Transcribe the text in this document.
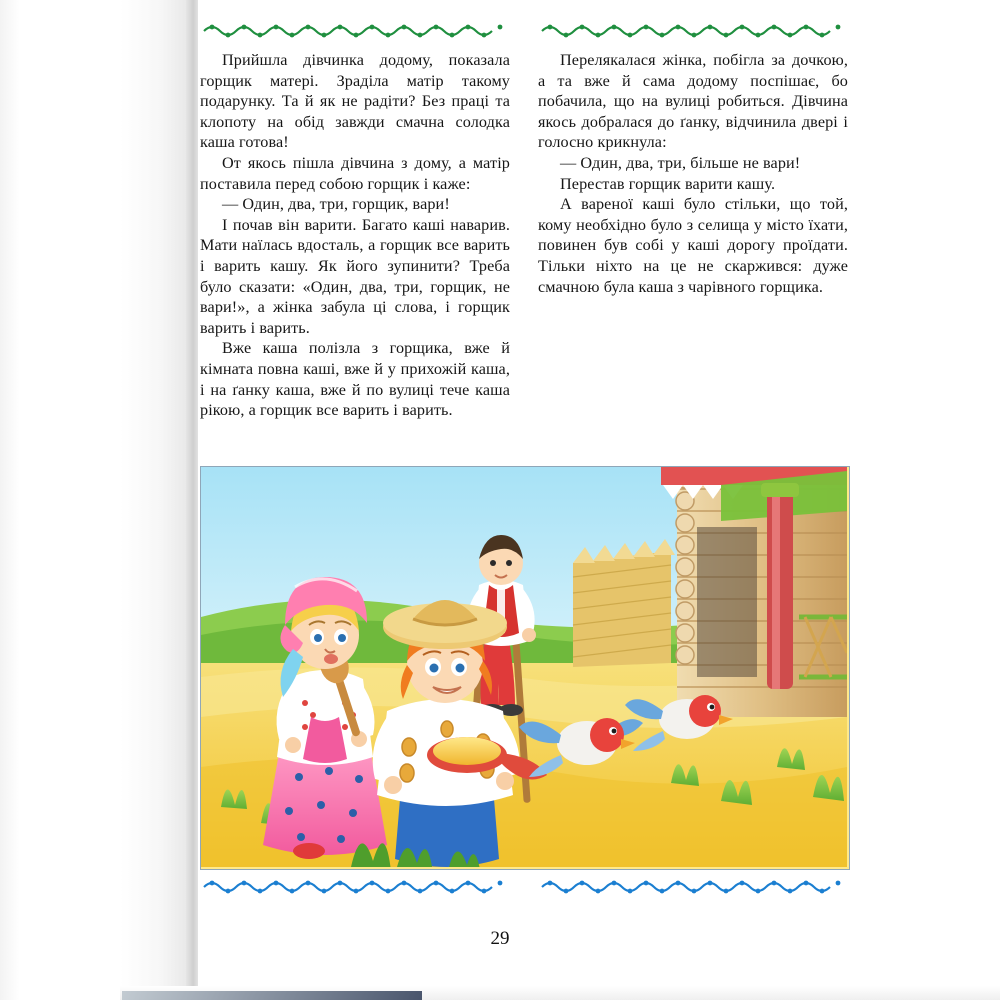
Прийшла дівчинка додому, показала горщик матері. Зраділа матір такому подарунку. Та й як не радіти? Без праці та клопоту на обід завжди смачна солодка каша готова!

От якось пішла дівчина з дому, а матір поставила перед собою горщик і каже:

— Один, два, три, горщик, вари!

І почав він варити. Багато каші наварив. Мати наїлась вдосталь, а горщик все варить і варить кашу. Як його зупинити? Треба було сказати: «Один, два, три, горщик, не вари!», а жінка забула ці слова, і горщик варить і варить.

Вже каша полізла з горщика, вже й кімната повна каші, вже й у прихожій каша, і на ґанку каша, вже й по вулиці тече каша рікою, а горщик все варить і варить.

Перелякалася жінка, побігла за дочкою, а та вже й сама додому поспішає, бо побачила, що на вулиці робиться. Дівчина якось добралася до ґанку, відчинила двері і голосно крикнула:

— Один, два, три, більше не вари!

Перестав горщик варити кашу.

А вареної каші було стільки, що той, кому необхідно було з селища у місто їхати, повинен був собі у каші дорогу проїдати. Тільки ніхто на це не скаржився: дуже смачною була каша з чарівного горщика.

29
